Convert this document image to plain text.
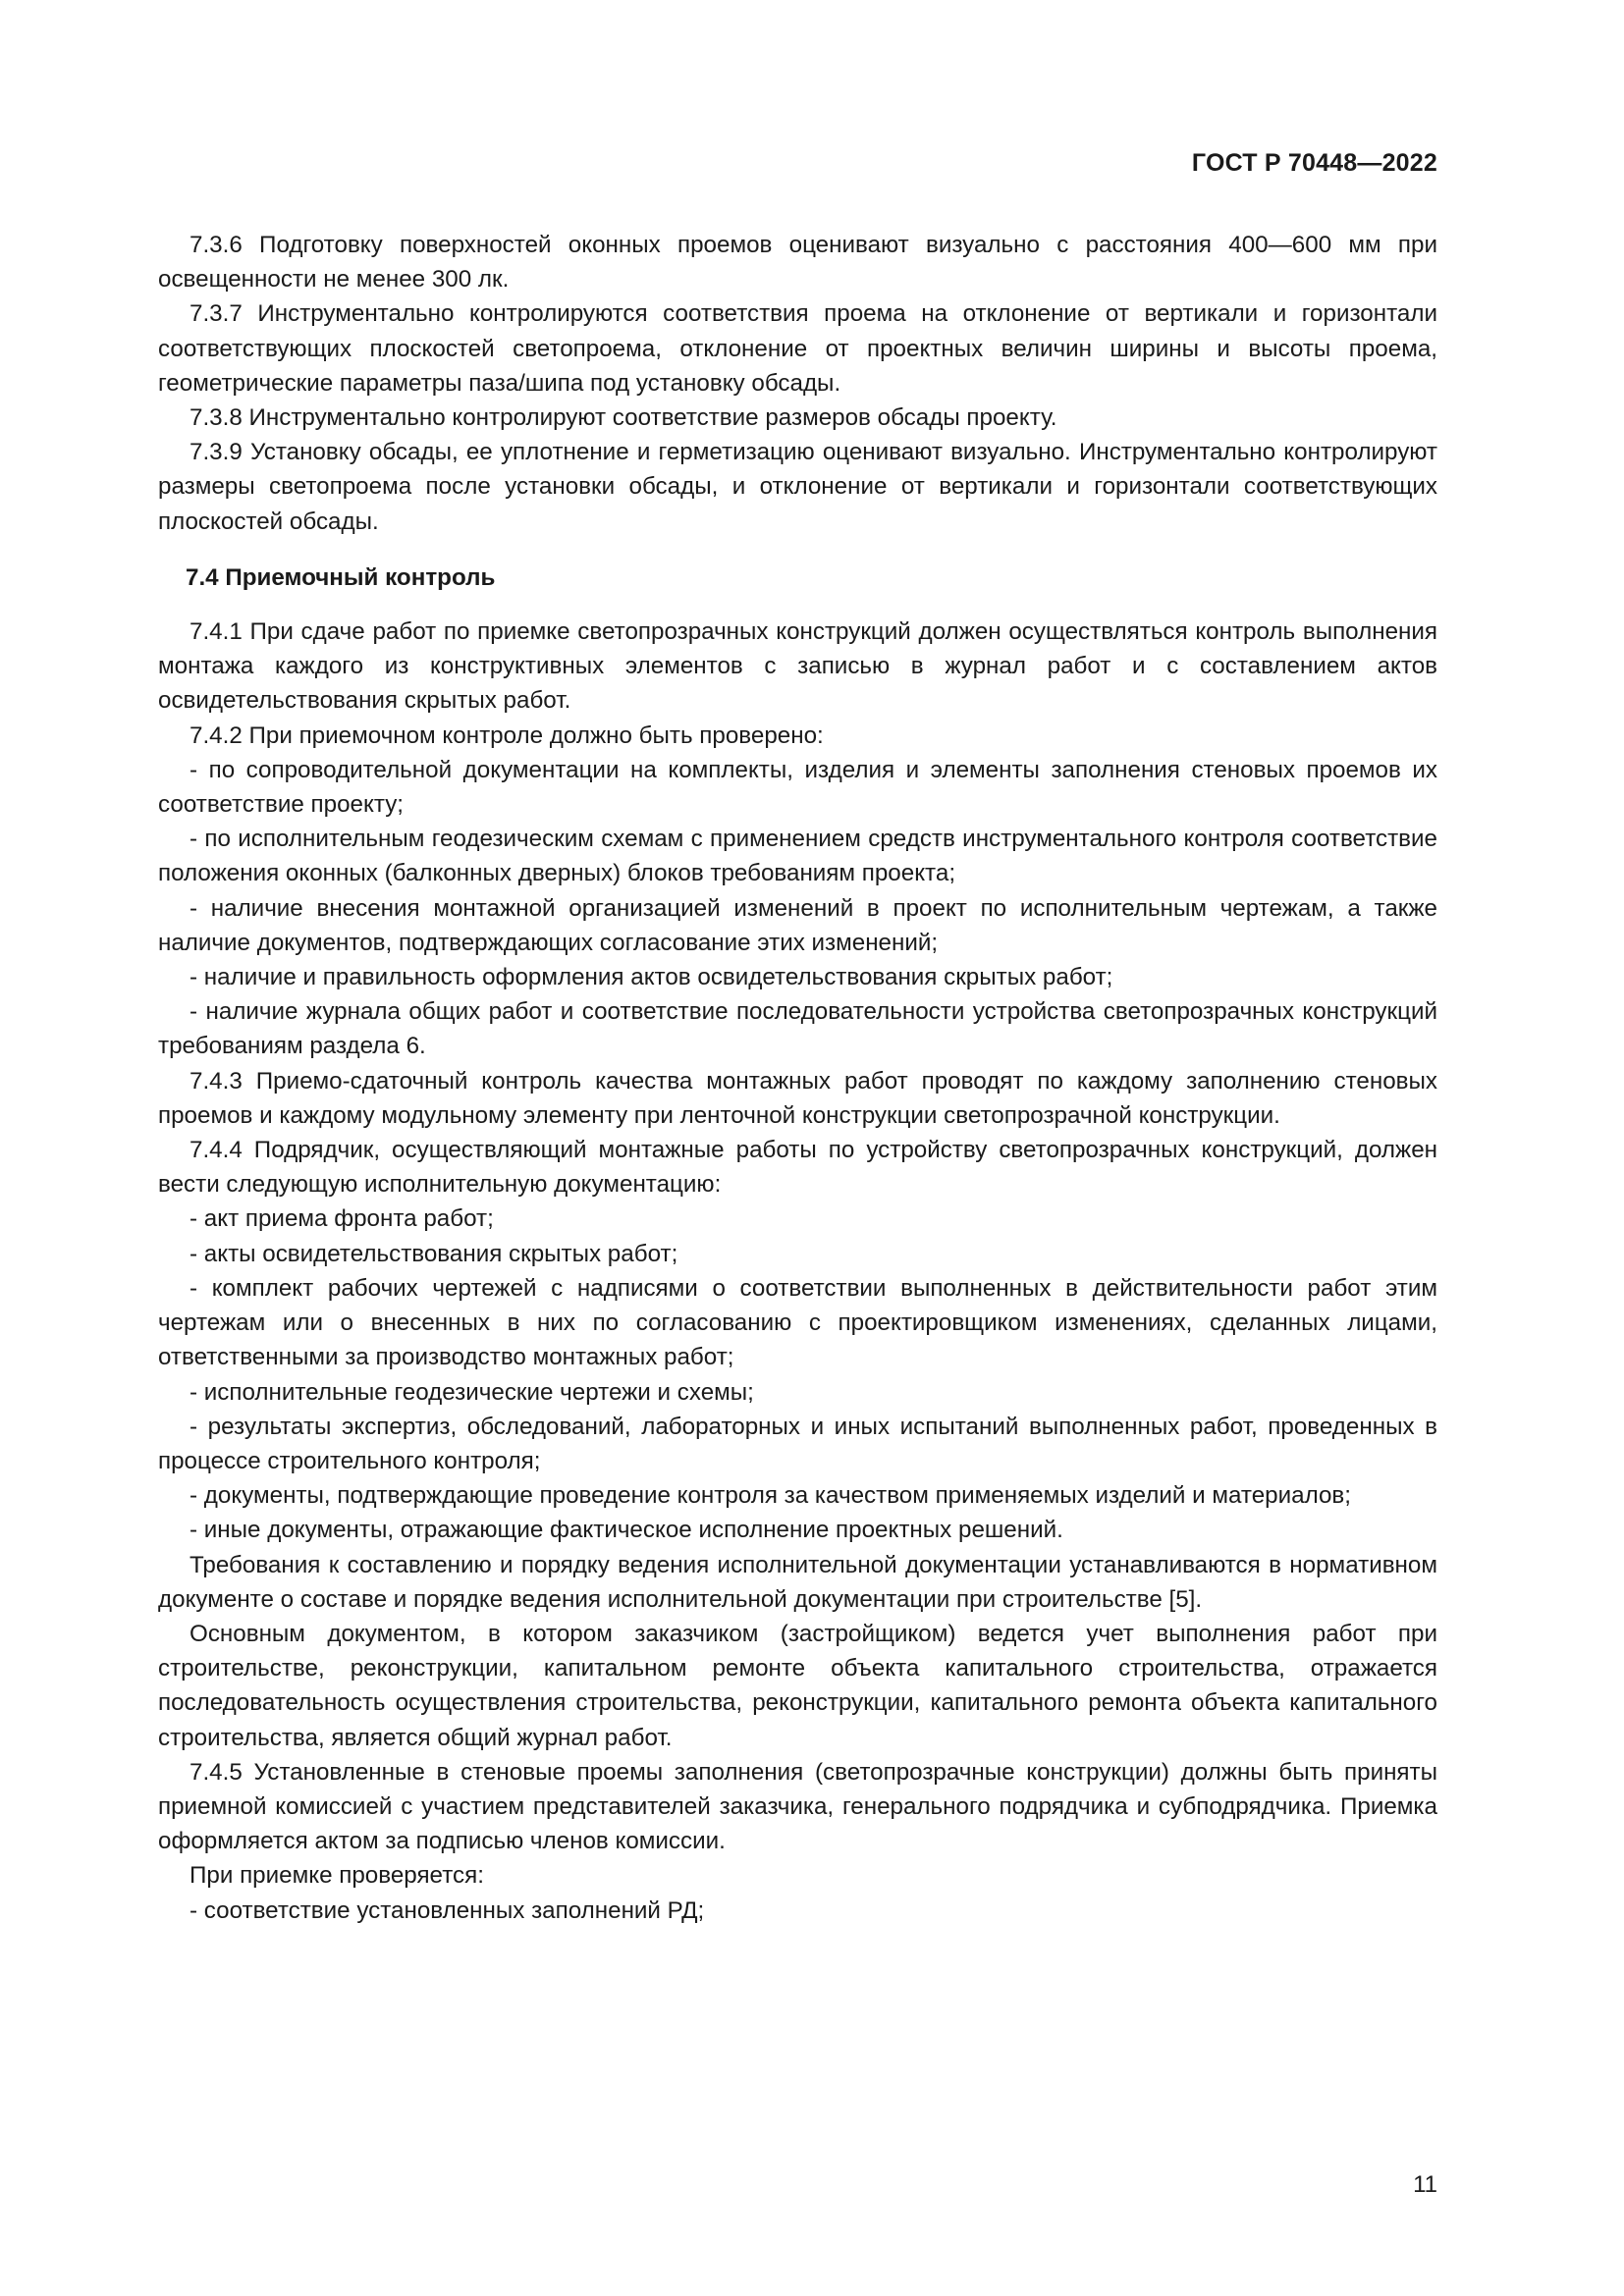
ГОСТ Р 70448—2022

7.3.6 Подготовку поверхностей оконных проемов оценивают визуально с расстояния 400—600 мм при освещенности не менее 300 лк.

7.3.7 Инструментально контролируются соответствия проема на отклонение от вертикали и горизонтали соответствующих плоскостей светопроема, отклонение от проектных величин ширины и высоты проема, геометрические параметры паза/шипа под установку обсады.

7.3.8 Инструментально контролируют соответствие размеров обсады проекту.

7.3.9 Установку обсады, ее уплотнение и герметизацию оценивают визуально. Инструментально контролируют размеры светопроема после установки обсады, и отклонение от вертикали и горизонтали соответствующих плоскостей обсады.

7.4 Приемочный контроль

7.4.1 При сдаче работ по приемке светопрозрачных конструкций должен осуществляться контроль выполнения монтажа каждого из конструктивных элементов с записью в журнал работ и с составлением актов освидетельствования скрытых работ.

7.4.2 При приемочном контроле должно быть проверено:

- по сопроводительной документации на комплекты, изделия и элементы заполнения стеновых проемов их соответствие проекту;

- по исполнительным геодезическим схемам с применением средств инструментального контроля соответствие положения оконных (балконных дверных) блоков требованиям проекта;

- наличие внесения монтажной организацией изменений в проект по исполнительным чертежам, а также наличие документов, подтверждающих согласование этих изменений;

- наличие и правильность оформления актов освидетельствования скрытых работ;

- наличие журнала общих работ и соответствие последовательности устройства светопрозрачных конструкций требованиям раздела 6.

7.4.3 Приемо-сдаточный контроль качества монтажных работ проводят по каждому заполнению стеновых проемов и каждому модульному элементу при ленточной конструкции светопрозрачной конструкции.

7.4.4 Подрядчик, осуществляющий монтажные работы по устройству светопрозрачных конструкций, должен вести следующую исполнительную документацию:

- акт приема фронта работ;

- акты освидетельствования скрытых работ;

- комплект рабочих чертежей с надписями о соответствии выполненных в действительности работ этим чертежам или о внесенных в них по согласованию с проектировщиком изменениях, сделанных лицами, ответственными за производство монтажных работ;

- исполнительные геодезические чертежи и схемы;

- результаты экспертиз, обследований, лабораторных и иных испытаний выполненных работ, проведенных в процессе строительного контроля;

- документы, подтверждающие проведение контроля за качеством применяемых изделий и материалов;

- иные документы, отражающие фактическое исполнение проектных решений.

Требования к составлению и порядку ведения исполнительной документации устанавливаются в нормативном документе о составе и порядке ведения исполнительной документации при строительстве [5].

Основным документом, в котором заказчиком (застройщиком) ведется учет выполнения работ при строительстве, реконструкции, капитальном ремонте объекта капитального строительства, отражается последовательность осуществления строительства, реконструкции, капитального ремонта объекта капитального строительства, является общий журнал работ.

7.4.5 Установленные в стеновые проемы заполнения (светопрозрачные конструкции) должны быть приняты приемной комиссией с участием представителей заказчика, генерального подрядчика и субподрядчика. Приемка оформляется актом за подписью членов комиссии.

При приемке проверяется:

- соответствие установленных заполнений РД;

11
